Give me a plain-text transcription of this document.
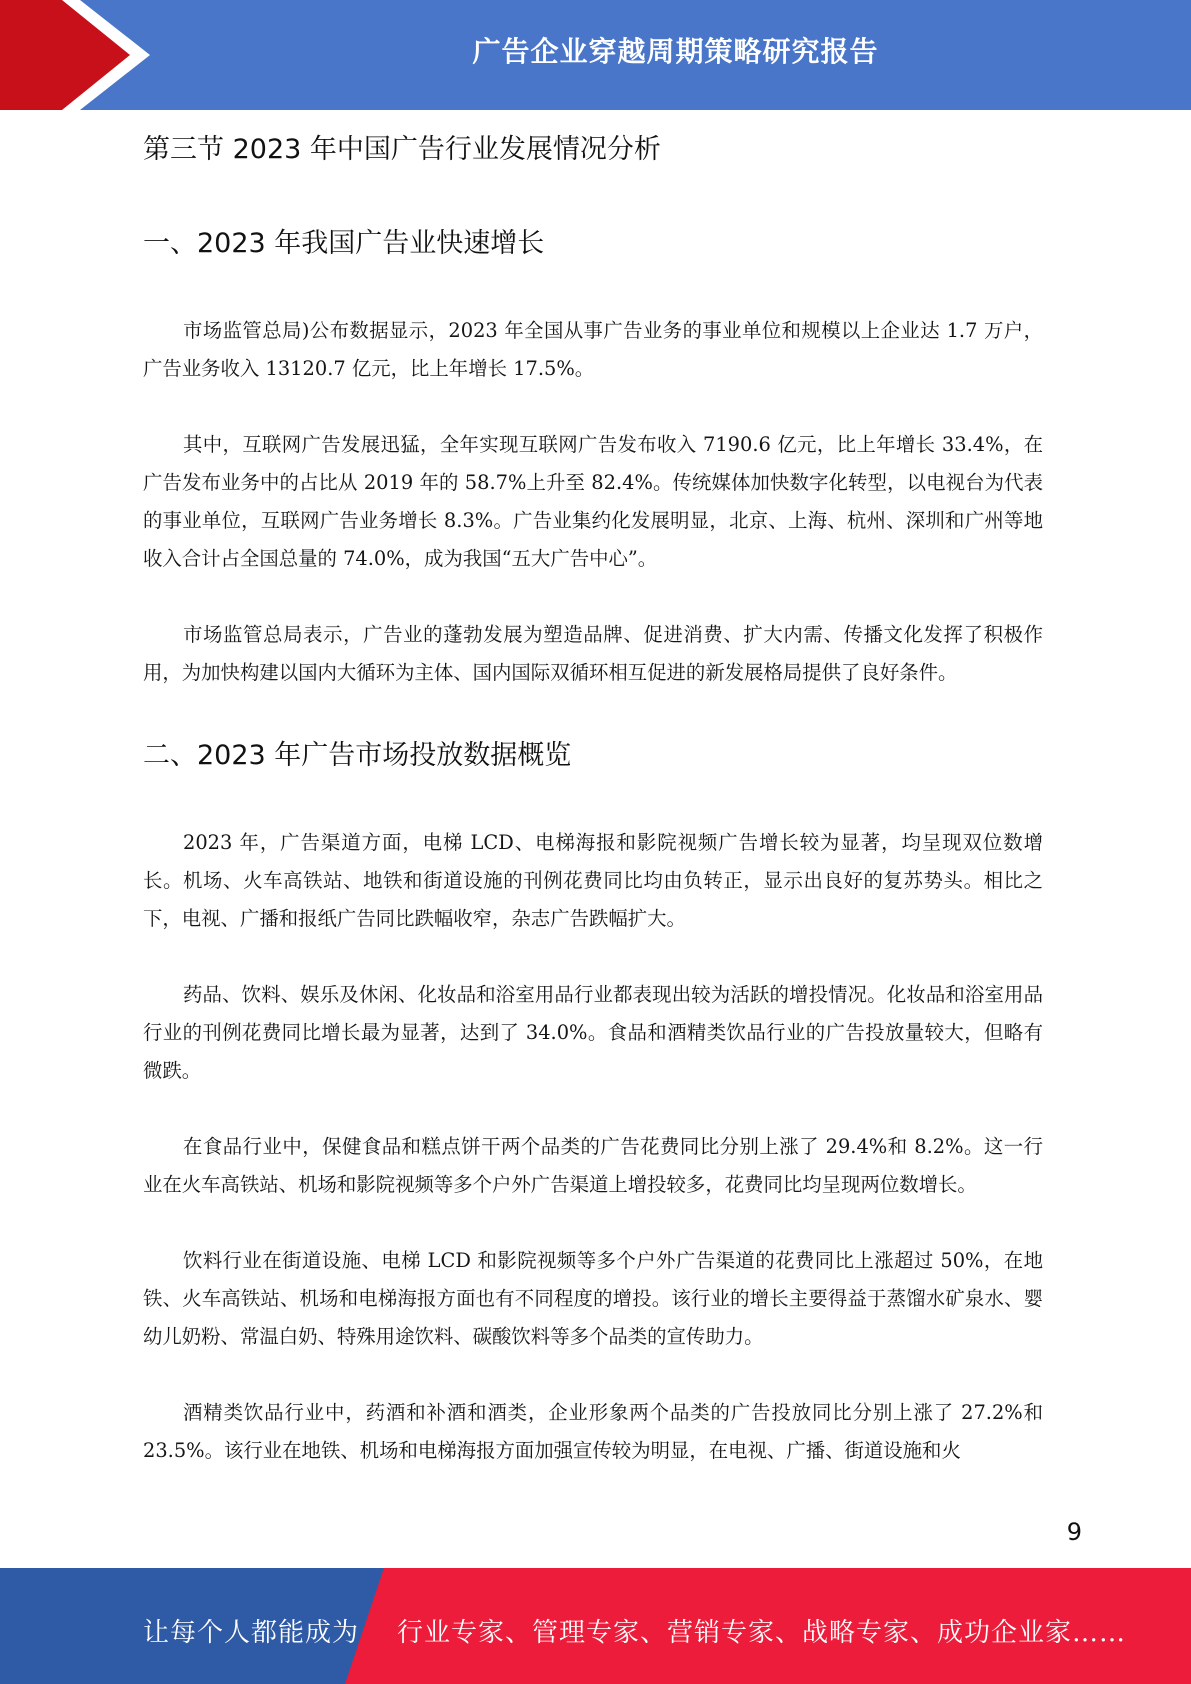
广告企业穿越周期策略研究报告
第三节 2023 年中国广告行业发展情况分析
一、2023 年我国广告业快速增长

市场监管总局)公布数据显示，2023 年全国从事广告业务的事业单位和规模以上企业达 1.7 万户，广告业务收入 13120.7 亿元，比上年增长 17.5%。

其中，互联网广告发展迅猛，全年实现互联网广告发布收入 7190.6 亿元，比上年增长 33.4%，在广告发布业务中的占比从 2019 年的 58.7%上升至 82.4%。传统媒体加快数字化转型，以电视台为代表的事业单位，互联网广告业务增长 8.3%。广告业集约化发展明显，北京、上海、杭州、深圳和广州等地收入合计占全国总量的 74.0%，成为我国“五大广告中心”。

市场监管总局表示，广告业的蓬勃发展为塑造品牌、促进消费、扩大内需、传播文化发挥了积极作用，为加快构建以国内大循环为主体、国内国际双循环相互促进的新发展格局提供了良好条件。

二、2023 年广告市场投放数据概览

2023 年，广告渠道方面，电梯 LCD、电梯海报和影院视频广告增长较为显著，均呈现双位数增长。机场、火车高铁站、地铁和街道设施的刊例花费同比均由负转正，显示出良好的复苏势头。相比之下，电视、广播和报纸广告同比跌幅收窄，杂志广告跌幅扩大。

药品、饮料、娱乐及休闲、化妆品和浴室用品行业都表现出较为活跃的增投情况。化妆品和浴室用品行业的刊例花费同比增长最为显著，达到了 34.0%。食品和酒精类饮品行业的广告投放量较大，但略有微跌。

在食品行业中，保健食品和糕点饼干两个品类的广告花费同比分别上涨了 29.4%和 8.2%。这一行业在火车高铁站、机场和影院视频等多个户外广告渠道上增投较多，花费同比均呈现两位数增长。

饮料行业在街道设施、电梯 LCD 和影院视频等多个户外广告渠道的花费同比上涨超过 50%，在地铁、火车高铁站、机场和电梯海报方面也有不同程度的增投。该行业的增长主要得益于蒸馏水矿泉水、婴幼儿奶粉、常温白奶、特殊用途饮料、碳酸饮料等多个品类的宣传助力。

酒精类饮品行业中，药酒和补酒和酒类，企业形象两个品类的广告投放同比分别上涨了 27.2%和 23.5%。该行业在地铁、机场和电梯海报方面加强宣传较为明显，在电视、广播、街道设施和火

9
让每个人都能成为 行业专家、管理专家、营销专家、战略专家、成功企业家……
